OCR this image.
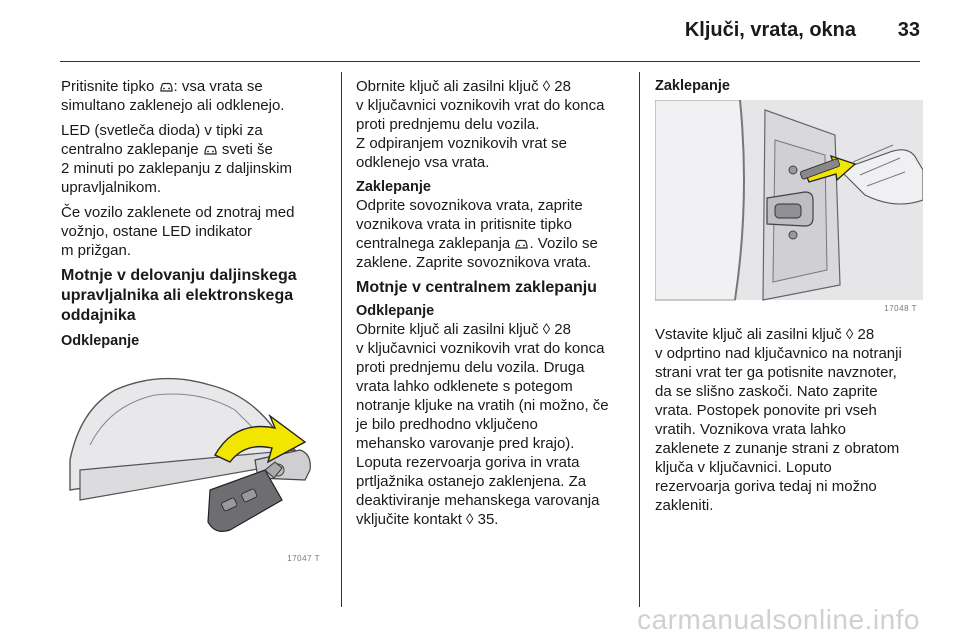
Ključi, vrata, okna 33

Pritisnite tipko : vsa vrata se
simultano zaklenejo ali odklenejo.

LED (svetleča dioda) v tipki za
centralno zaklepanje  sveti še
2 minuti po zaklepanju z daljinskim
upravljalnikom.

Če vozilo zaklenete od znotraj med
vožnjo, ostane LED indikator
m prižgan.

Motnje v delovanju daljinskega
upravljalnika ali elektronskega
oddajnika
Odklepanje
17047 T

Obrnite ključ ali zasilni ključ ◊ 28
v ključavnici voznikovih vrat do konca
proti prednjemu delu vozila.
Z odpiranjem voznikovih vrat se
odklenejo vsa vrata.

Zaklepanje

Odprite sovoznikova vrata, zaprite
voznikova vrata in pritisnite tipko
centralnega zaklepanja . Vozilo se
zaklene. Zaprite sovoznikova vrata.

Motnje v centralnem zaklepanju
Odklepanje

Obrnite ključ ali zasilni ključ ◊ 28
v ključavnici voznikovih vrat do konca
proti prednjemu delu vozila. Druga
vrata lahko odklenete s potegom
notranje kljuke na vratih (ni možno, če
je bilo predhodno vključeno
mehansko varovanje pred krajo).
Loputa rezervoarja goriva in vrata
prtljažnika ostanejo zaklenjena. Za
deaktiviranje mehanskega varovanja
vključite kontakt ◊ 35.

Zaklepanje
17048 T

Vstavite ključ ali zasilni ključ ◊ 28
v odprtino nad ključavnico na notranji
strani vrat ter ga potisnite navznoter,
da se slišno zaskoči. Nato zaprite
vrata. Postopek ponovite pri vseh
vratih. Voznikova vrata lahko
zaklenete z zunanje strani z obratom
ključa v ključavnici. Loputo
rezervoarja goriva tedaj ni možno
zakleniti.

carmanualsonline.info
